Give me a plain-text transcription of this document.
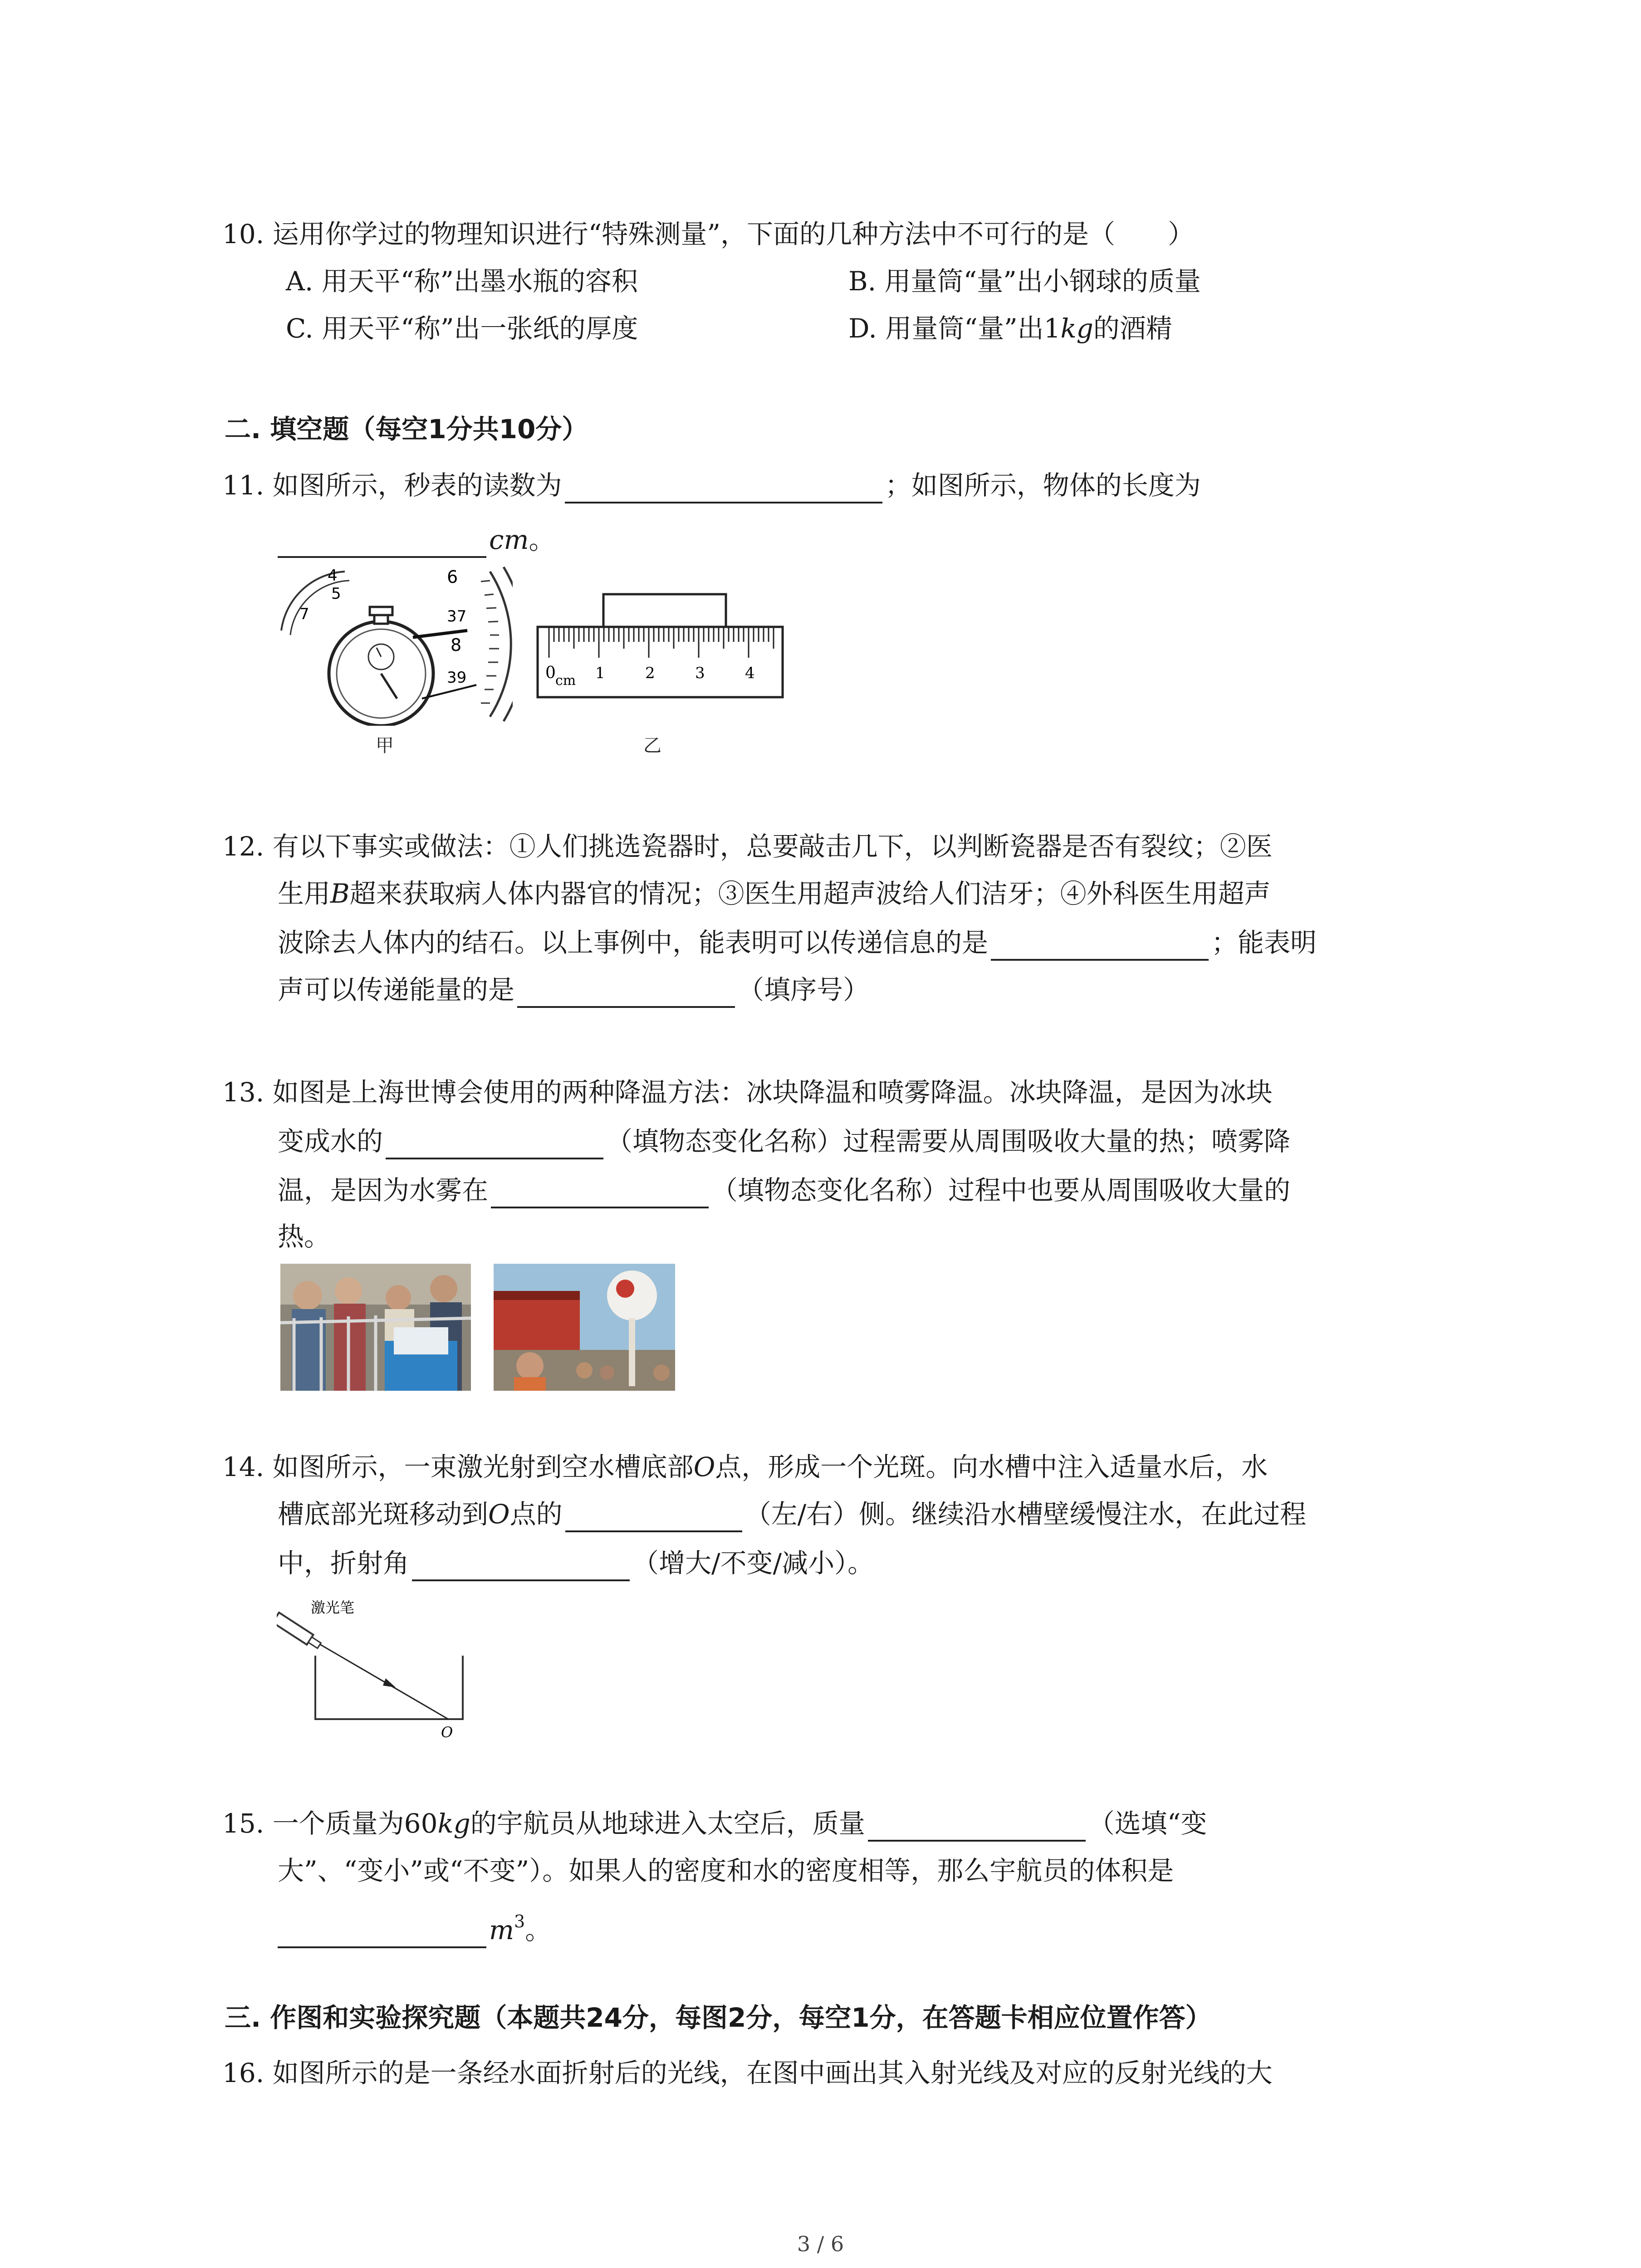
10. 运用你学过的物理知识进行“特殊测量”，下面的几种方法中不可行的是（　　）
A. 用天平“称”出墨水瓶的容积	B. 用量筒“量”出小钢球的质量
C. 用天平“称”出一张纸的厚度	D. 用量筒“量”出1kg的酒精
二. 填空题（每空1分共10分）
11. 如图所示，秒表的读数为	；如图所示，物体的长度为
cm。
4
5
6
7	37
8
39
甲
0 cm 1	2	3	4
乙
12. 有以下事实或做法：①人们挑选瓷器时，总要敲击几下，以判断瓷器是否有裂纹；②医
生用B超来获取病人体内器官的情况；③医生用超声波给人们洁牙；④外科医生用超声
波除去人体内的结石。以上事例中，能表明可以传递信息的是	；能表明
声可以传递能量的是	（填序号）
13. 如图是上海世博会使用的两种降温方法：冰块降温和喷雾降温。冰块降温，是因为冰块
变成水的	（填物态变化名称）过程需要从周围吸收大量的热；喷雾降
温，是因为水雾在	（填物态变化名称）过程中也要从周围吸收大量的
热。
14. 如图所示，一束激光射到空水槽底部O点，形成一个光斑。向水槽中注入适量水后，水
槽底部光斑移动到O点的	（左/右）侧。继续沿水槽壁缓慢注水，在此过程
中，折射角	（增大/不变/减小）。
激光笔
O
15. 一个质量为60kg的宇航员从地球进入太空后，质量	（选填“变
大”、“变小”或“不变”）。如果人的密度和水的密度相等，那么宇航员的体积是
$m^3$。
三. 作图和实验探究题（本题共24分，每图2分，每空1分，在答题卡相应位置作答）
16. 如图所示的是一条经水面折射后的光线，在图中画出其入射光线及对应的反射光线的大
3 / 6
